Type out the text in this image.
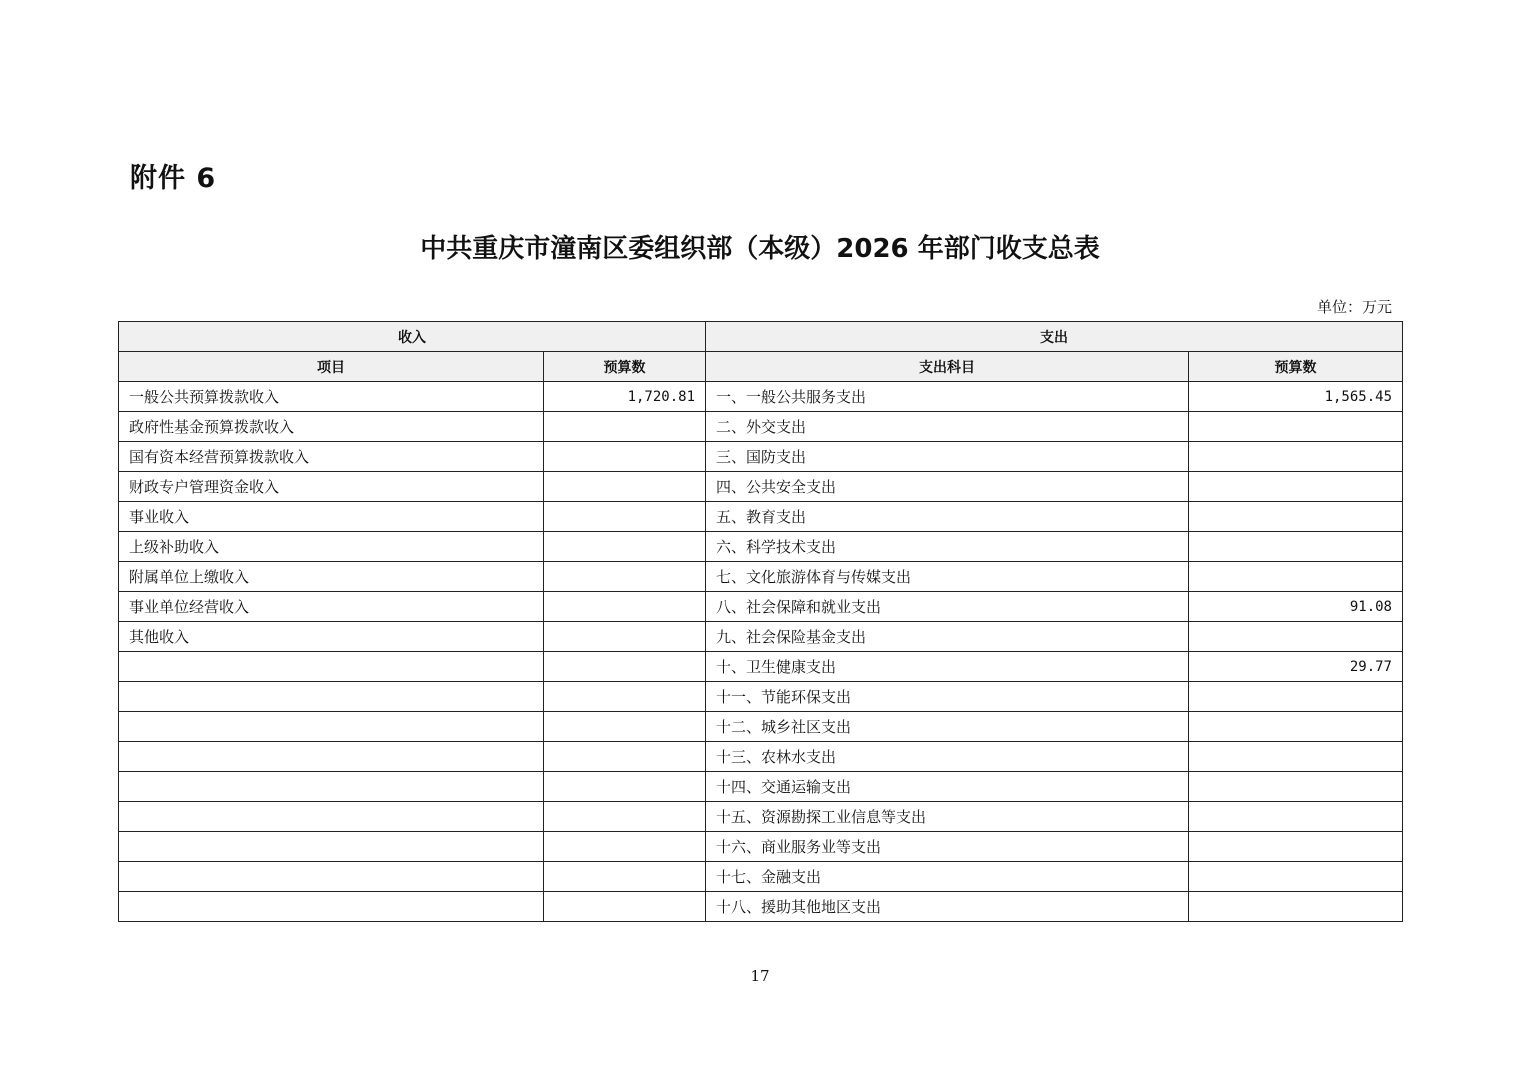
附件 6
中共重庆市潼南区委组织部（本级）2026 年部门收支总表
单位：万元
收入		支出	
项目	预算数	支出科目	预算数
一般公共预算拨款收入	1,720.81	一、一般公共服务支出	1,565.45
政府性基金预算拨款收入		二、外交支出	
国有资本经营预算拨款收入		三、国防支出	
财政专户管理资金收入		四、公共安全支出	
事业收入		五、教育支出	
上级补助收入		六、科学技术支出	
附属单位上缴收入		七、文化旅游体育与传媒支出	
事业单位经营收入		八、社会保障和就业支出	91.08
其他收入		九、社会保险基金支出	
		十、卫生健康支出	29.77
		十一、节能环保支出	
		十二、城乡社区支出	
		十三、农林水支出	
		十四、交通运输支出	
		十五、资源勘探工业信息等支出	
		十六、商业服务业等支出	
		十七、金融支出	
		十八、援助其他地区支出	
17
